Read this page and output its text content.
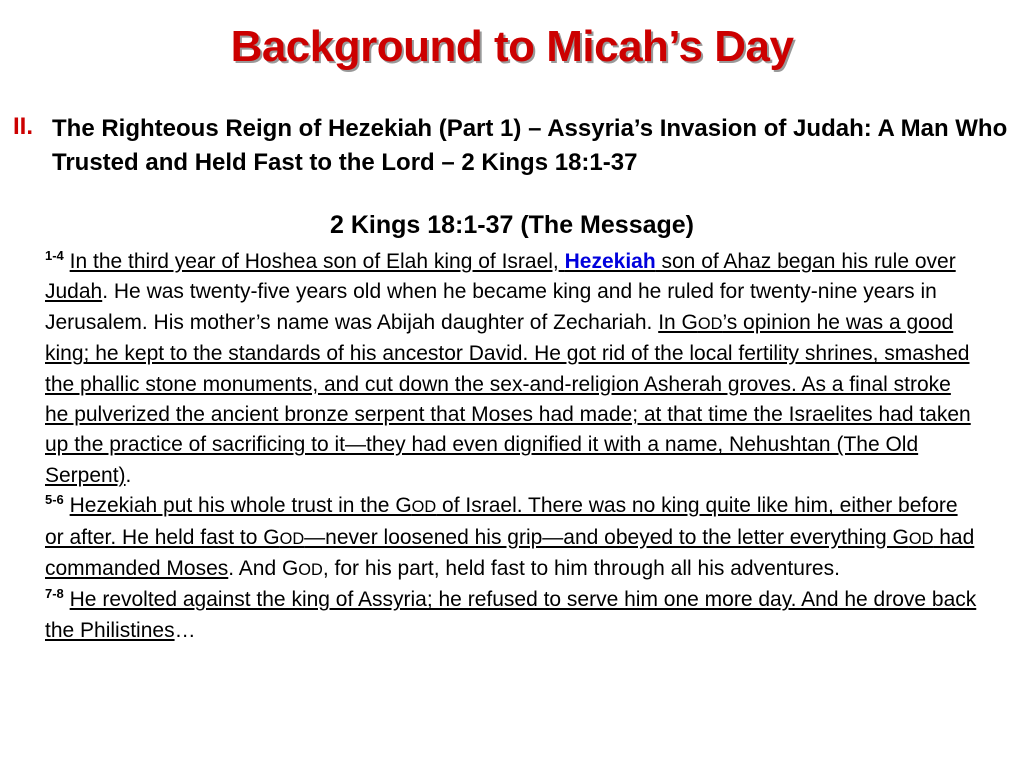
Background to Micah’s Day
II. The Righteous Reign of Hezekiah (Part 1) – Assyria’s Invasion of Judah: A Man Who Trusted and Held Fast to the Lord – 2 Kings 18:1-37

2 Kings 18:1-37 (The Message)

$^{1-4}$ In the third year of Hoshea son of Elah king of Israel, Hezekiah son of Ahaz began his rule over Judah. He was twenty-five years old when he became king and he ruled for twenty-nine years in Jerusalem. His mother’s name was Abijah daughter of Zechariah. In GOD’s opinion he was a good king; he kept to the standards of his ancestor David. He got rid of the local fertility shrines, smashed the phallic stone monuments, and cut down the sex-and-religion Asherah groves. As a final stroke he pulverized the ancient bronze serpent that Moses had made; at that time the Israelites had taken up the practice of sacrificing to it—they had even dignified it with a name, Nehushtan (The Old Serpent).
$^{5-6}$ Hezekiah put his whole trust in the GOD of Israel. There was no king quite like him, either before or after. He held fast to GOD—never loosened his grip—and obeyed to the letter everything GOD had commanded Moses. And GOD, for his part, held fast to him through all his adventures.
$^{7-8}$ He revolted against the king of Assyria; he refused to serve him one more day. And he drove back the Philistines…
